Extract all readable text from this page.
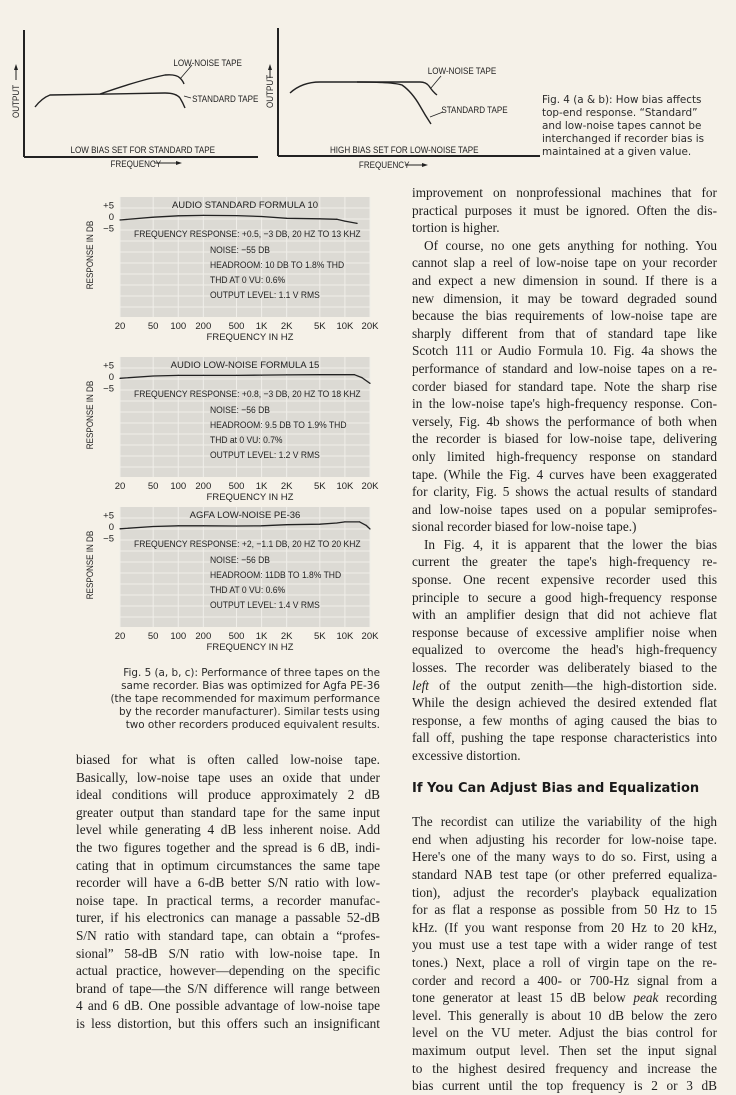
LOW-NOISE TAPE
STANDARD TAPE
LOW BIAS SET FOR STANDARD TAPE
FREQUENCY
OUTPUT
LOW-NOISE TAPE
STANDARD TAPE
HIGH BIAS SET FOR LOW-NOISE TAPE
FREQUENCY
OUTPUT	Fig. 4 (a & b): How bias affects
top-end response. “Standard”
and low-noise tapes cannot be
interchanged if recorder bias is
maintained at a given value.
AUDIO STANDARD FORMULA 10
+5
0
−5
RESPONSE IN DB	FREQUENCY RESPONSE: +0.5, −3 DB, 20 HZ TO 13 KHZ
NOISE: −55 DB
HEADROOM: 10 DB TO 1.8% THD
THD AT 0 VU: 0.6%
OUTPUT LEVEL: 1.1 V RMS
20 50 100 200 500 1K 2K 5K 10K 20K
FREQUENCY IN HZ
AUDIO LOW-NOISE FORMULA 15
+5
0
−5
RESPONSE IN DB	FREQUENCY RESPONSE: +0.8, −3 DB, 20 HZ TO 18 KHZ
NOISE: −56 DB
HEADROOM: 9.5 DB TO 1.9% THD
THD at 0 VU: 0.7%
OUTPUT LEVEL: 1.2 V RMS
20 50 100 200 500 1K 2K 5K 10K 20K
FREQUENCY IN HZ
AGFA LOW-NOISE PE-36
+5
0
−5
RESPONSE IN DB	FREQUENCY RESPONSE: +2, −1.1 DB, 20 HZ TO 20 KHZ
NOISE: −56 DB
HEADROOM: 11DB TO 1.8% THD
THD AT 0 VU: 0.6%
OUTPUT LEVEL: 1.4 V RMS
20 50 100 200 500 1K 2K 5K 10K 20K
FREQUENCY IN HZ
Fig. 5 (a, b, c): Performance of three tapes on the
same recorder. Bias was optimized for Agfa PE-36
(the tape recommended for maximum performance
by the recorder manufacturer). Similar tests using
two other recorders produced equivalent results.
biased for what is often called low-noise tape.
Basically, low-noise tape uses an oxide that under
ideal conditions will produce approximately 2 dB
greater output than standard tape for the same input
level while generating 4 dB less inherent noise. Add
the two figures together and the spread is 6 dB, indi-
cating that in optimum circumstances the same tape
recorder will have a 6-dB better S/N ratio with low-
noise tape. In practical terms, a recorder manufac-
turer, if his electronics can manage a passable 52-dB
S/N ratio with standard tape, can obtain a “profes-
sional” 58-dB S/N ratio with low-noise tape. In
actual practice, however—depending on the specific
brand of tape—the S/N difference will range between
4 and 6 dB. One possible advantage of low-noise tape
is less distortion, but this offers such an insignificant
improvement on nonprofessional machines that for
practical purposes it must be ignored. Often the dis-
tortion is higher.
Of course, no one gets anything for nothing. You
cannot slap a reel of low-noise tape on your recorder
and expect a new dimension in sound. If there is a
new dimension, it may be toward degraded sound
because the bias requirements of low-noise tape are
sharply different from that of standard tape like
Scotch 111 or Audio Formula 10. Fig. 4a shows the
performance of standard and low-noise tapes on a re-
corder biased for standard tape. Note the sharp rise
in the low-noise tape's high-frequency response. Con-
versely, Fig. 4b shows the performance of both when
the recorder is biased for low-noise tape, delivering
only limited high-frequency response on standard
tape. (While the Fig. 4 curves have been exaggerated
for clarity, Fig. 5 shows the actual results of standard
and low-noise tapes used on a popular semiprofes-
sional recorder biased for low-noise tape.)
In Fig. 4, it is apparent that the lower the bias
current the greater the tape's high-frequency re-
sponse. One recent expensive recorder used this
principle to secure a good high-frequency response
with an amplifier design that did not achieve flat
response because of excessive amplifier noise when
equalized to overcome the head's high-frequency
losses. The recorder was deliberately biased to the
left of the output zenith—the high-distortion side.
While the design achieved the desired extended flat
response, a few months of aging caused the bias to
fall off, pushing the tape response characteristics into
excessive distortion.
If You Can Adjust Bias and Equalization
The recordist can utilize the variability of the high
end when adjusting his recorder for low-noise tape.
Here's one of the many ways to do so. First, using a
standard NAB test tape (or other preferred equaliza-
tion), adjust the recorder's playback equalization
for as flat a response as possible from 50 Hz to 15
kHz. (If you want response from 20 Hz to 20 kHz,
you must use a test tape with a wider range of test
tones.) Next, place a roll of virgin tape on the re-
corder and record a 400- or 700-Hz signal from a
tone generator at least 15 dB below peak recording
level. This generally is about 10 dB below the zero
level on the VU meter. Adjust the bias control for
maximum output level. Then set the input signal
to the highest desired frequency and increase the
bias current until the top frequency is 2 or 3 dB
